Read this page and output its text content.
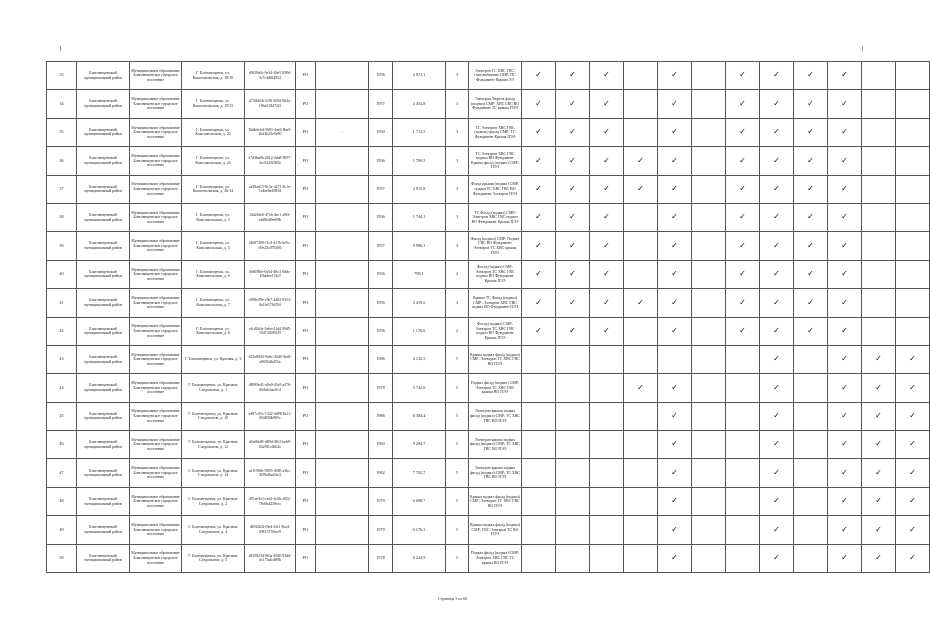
33	Благовещенский муниципальный район	Муниципальное образование Благовещенское городское поселение	Г. Благовещенск, ул. Комсомольская, д. 18/10	d9f29a0c-9e14-49e5 838d-3c7c4d8f4952	РО		1956	2 071,1	3	Электрон ТС ХВС ГВС, газоснабжение СМР; ПС Фундамент Крыша ЭЭ	✓	✓	✓		✓		✓	✓	✓	✓		
34	Благовещенский муниципальный район	Муниципальное образование Благовещенское городское поселение	Г. Благовещенск, ул. Комсомольская, д. 19/13	d72fbb5b-529f-465d 9b4a-19ba318472f2	РО		1957	2 454,8	3	Электрон Лифтов фасад (подвал) СМР; ХВС ГВС ВО Фундамент ТС крыша ПЭЭ	✓	✓	✓		✓		✓	✓	✓	✓		
35	Благовещенский муниципальный район	Муниципальное образование Благовещенское городское поселение	Г. Благовещенск, ул. Комсомольская, д. 20	3b6bdc6d-5681-4ee0 8be5-2b23b25e9e90	РО	-	1950	1 712,5	3	ТС Электрон ХВС ГВС (цоколь) фасад СМР; ТС Фундамент Крыша ПЭЭ	✓	✓	✓		✓		✓	✓	✓	✓		
36	Благовещенский муниципальный район	Муниципальное образование Благовещенское городское поселение	Г. Благовещенск, ул. Комсомольская, д. 24	e7d3ba0b-2612-4da8 9657-3cc9245f385e	РО		1956	1 700,5	3	ТС Электрон ХВС ГВС подвал ВО Фундамент Крыша фасад (подвал) СМР; ПЭЭ	✓	✓	✓	✓	✓		✓	✓	✓	✓		
37	Благовещенский муниципальный район	Муниципальное образование Благовещенское городское поселение	Г. Благовещенск, ул. Комсомольская, д. 26/14	ea58a615-8c3e-4271 8c1e-1e4ee6e4983d	РО		1957	2 015,8	3	Фасад крыши (подвал) СМР; подвал ТС ХВС ГВС ВО Фундамент Электрон ПЭЭ	✓	✓	✓	✓	✓		✓	✓	✓	✓		
38	Благовещенский муниципальный район	Муниципальное образование Благовещенское городское поселение	Г. Благовещенск, ул. Комсомольская, д. 3	2bf2f4e6-47cb-4ec1 a9f3-e4d8e40ee09b	РО		1956	1 744,1	3	ТС Фасад (подвал) СМР; Электрон ХВС ГВС подвал ВО Фундамент Крыша ПЭЭ	✓	✓	✓		✓		✓	✓	✓	✓		
39	Благовещенский муниципальный район	Муниципальное образование Благовещенское городское поселение	Г. Благовещенск, ул. Комсомольская, д. 5	f4607269-f1c3-417b be9c-d9e23c07b356	РО		1957	9 996,3	3	Фасад (подвал) СМР; Подвал ГВС ВО Фундамент Электрон ТС ХВС крыша ПЭЭ	✓	✓	✓		✓		✓	✓	✓	✓		
40	Благовещенский муниципальный район	Муниципальное образование Благовещенское городское поселение	Г. Благовещенск, ул. Комсомольская, д. 6	fb6039fe-0a54-48c3 9ddc-1f6a4ee1f3c0	РО		1956	798,1	2	Фасад (подвал) СМР; Электрон ТС ХВС ГВС подвал ВО Фундамент Крыша ПЭЭ	✓	✓	✓		✓		✓	✓	✓	✓		
41	Благовещенский муниципальный район	Муниципальное образование Благовещенское городское поселение	Г. Благовещенск, ул. Комсомольская, д. 7	c996e39e-c9e7-4463 9352-0a1fe176459f	РО		1956	3 419,6	3	Крыша ТС Фасад (подвал) СМР; Электрон ХВС ГВС подвал ВО Фундамент ПЭЭ	✓	✓	✓	✓	✓		✓	✓	✓	✓		
42	Благовещенский муниципальный район	Муниципальное образование Благовещенское городское поселение	Г. Благовещенск, ул. Комсомольская, д. 8	efcd2b3e-3ebe-41d4 99d5-1047430f5f35	РО		1956	1 170,6	2	Фасад (подвал) СМР; Электрон ТС ХВС ГВС подвал ВО Фундамент Крыша ПЭЭ	✓	✓	✓		✓		✓	✓	✓	✓		
43	Благовещенский муниципальный район	Муниципальное образование Благовещенское городское поселение	Г. Благовещенск, ул. Красная, д. 3	d12e80d3-9a6c-43d9 9ea8-a0656d6d55a	РО		1986	4 132,5	5	Крыша подвал фасад (подвал) СМР; Электрон ТС ХВС ГВС ВО ПЭЭ								✓		✓	✓	✓
44	Благовещенский муниципальный район	Муниципальное образование Благовещенское городское поселение	Г. Благовещенск, ул. Красных Следопытов, д. 1	d8983e41-a8e0-43c9 a476-f0ebdcbac614	РО		1978	5 742,6	5	Подвал фасад (подвал) СМР; Электрон ТС ХВС ГВС крыша ВО ПЭЭ				✓	✓			✓		✓	✓	✓
45	Благовещенский муниципальный район	Муниципальное образование Благовещенское городское поселение	Г. Благовещенск, ул. Красных Следопытов, д. 10	ed97c05c-1332-4d98 8a11-f0f4836b905c	РО		1986	8 304,4	5	Электрон крыша подвал фасад (подвал) СМР; ТС ХВС ГВС ВО ПЭЭ					✓			✓		✓	✓	✓
46	Благовещенский муниципальный район	Муниципальное образование Благовещенское городское поселение	Г. Благовещенск, ул. Красных Следопытов, д. 12	d2ef6b48-d89d-48c3 be69-0429f1c6b62c	РО		1984	9 294,7	5	Электрон крыша подвал фасад (подвал) СМР; ТС ХВС ГВС ВО ПЭЭ					✓			✓		✓	✓	✓
47	Благовещенский муниципальный район	Муниципальное образование Благовещенское городское поселение	Г. Благовещенск, ул. Красных Следопытов, д. 14	a1f1984e-9595-4585 a3bc-3f39a8ac63e3	РО		1982	7 792,7	5	Электрон крыша подвал фасад (подвал) СМР; ТС ХВС ГВС ВО ПЭЭ					✓			✓		✓	✓	✓
48	Благовещенский муниципальный район	Муниципальное образование Благовещенское городское поселение	Г. Благовещенск, ул. Красных Следопытов, д. 2	d51ee3e1-cee2-4c0b a922-78c6b4239ecc	РО		1979	6 008,7	5	Крыша подвал фасад (подвал) СМР; Электрон ТС ХВС ГВС ВО ПЭЭ					✓			✓		✓	✓	✓
49	Благовещенский муниципальный район	Муниципальное образование Благовещенское городское поселение	Г. Благовещенск, ул. Красных Следопытов, д. 4	d69f2b3f-f0ed-4fe1 9ba4-f083727fbce9	РО		1979	6 176,3	5	Крыша подвал фасад (подвал) СМР; ГВС Электрон ТС ВО ПЭЭ					✓			✓		✓	✓	✓
50	Благовещенский муниципальный район	Муниципальное образование Благовещенское городское поселение	Г. Благовещенск, ул. Красных Следопытов, д. 5	a835825d-9f0a-4920 93dd-4c17fa4cd89b	РО		1978	6 224,9	5	Подвал фасад (подвал) СМР; Электрон ХВС ГВС ТС крыша ВО ПЭЭ					✓			✓		✓	✓	✓
Страница 3 из 60
